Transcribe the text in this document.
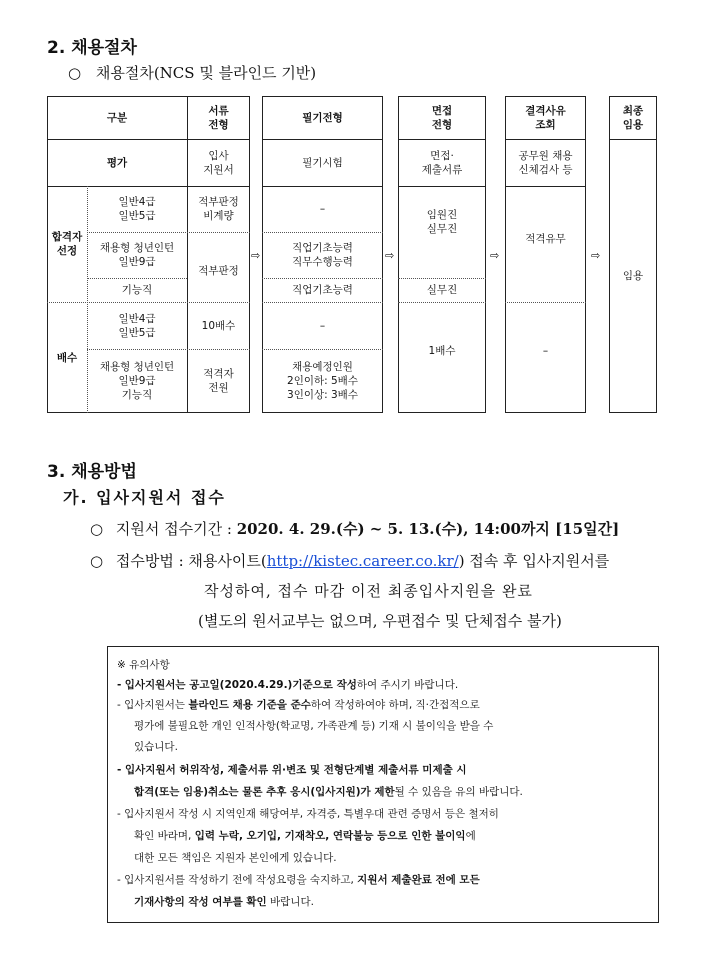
2. 채용절차
○ 채용절차(NCS 및 블라인드 기반)
구분
서류
전형
평가
입사
지원서
합격자
선정
일반4급
일반5급
적부판정
비계량
채용형 청년인턴
일반9급
적부판정
기능직
배수
일반4급
일반5급
10배수
채용형 청년인턴
일반9급
기능직
적격자
전원
⇨
필기전형
필기시험
–
직업기초능력
직무수행능력
직업기초능력
–
채용예정인원
2인이하: 5배수
3인이상: 3배수
⇨
면접
전형
면접·
제출서류
임원진
실무진
실무진
1배수
⇨
결격사유
조회
공무원 채용
신체검사 등
적격유무
–
⇨
최종
임용
임용
3. 채용방법
가. 입사지원서 접수
○ 지원서 접수기간 : 2020. 4. 29.(수) ~ 5. 13.(수), 14:00까지 [15일간]
○ 접수방법 : 채용사이트(http://kistec.career.co.kr/) 접속 후 입사지원서를
작성하여, 접수 마감 이전 최종입사지원을 완료
(별도의 원서교부는 없으며, 우편접수 및 단체접수 불가)
※ 유의사항
- 입사지원서는 공고일(2020.4.29.)기준으로 작성하여 주시기 바랍니다.
- 입사지원서는 블라인드 채용 기준을 준수하여 작성하여야 하며, 직·간접적으로
평가에 불필요한 개인 인적사항(학교명, 가족관계 등) 기재 시 불이익을 받을 수
있습니다.
- 입사지원서 허위작성, 제출서류 위·변조 및 전형단계별 제출서류 미제출 시
합격(또는 임용)취소는 물론 추후 응시(입사지원)가 제한될 수 있음을 유의 바랍니다.
- 입사지원서 작성 시 지역인재 해당여부, 자격증, 특별우대 관련 증명서 등은 철저히
확인 바라며, 입력 누락, 오기입, 기재착오, 연락불능 등으로 인한 불이익에
대한 모든 책임은 지원자 본인에게 있습니다.
- 입사지원서를 작성하기 전에 작성요령을 숙지하고, 지원서 제출완료 전에 모든
기재사항의 작성 여부를 확인 바랍니다.
